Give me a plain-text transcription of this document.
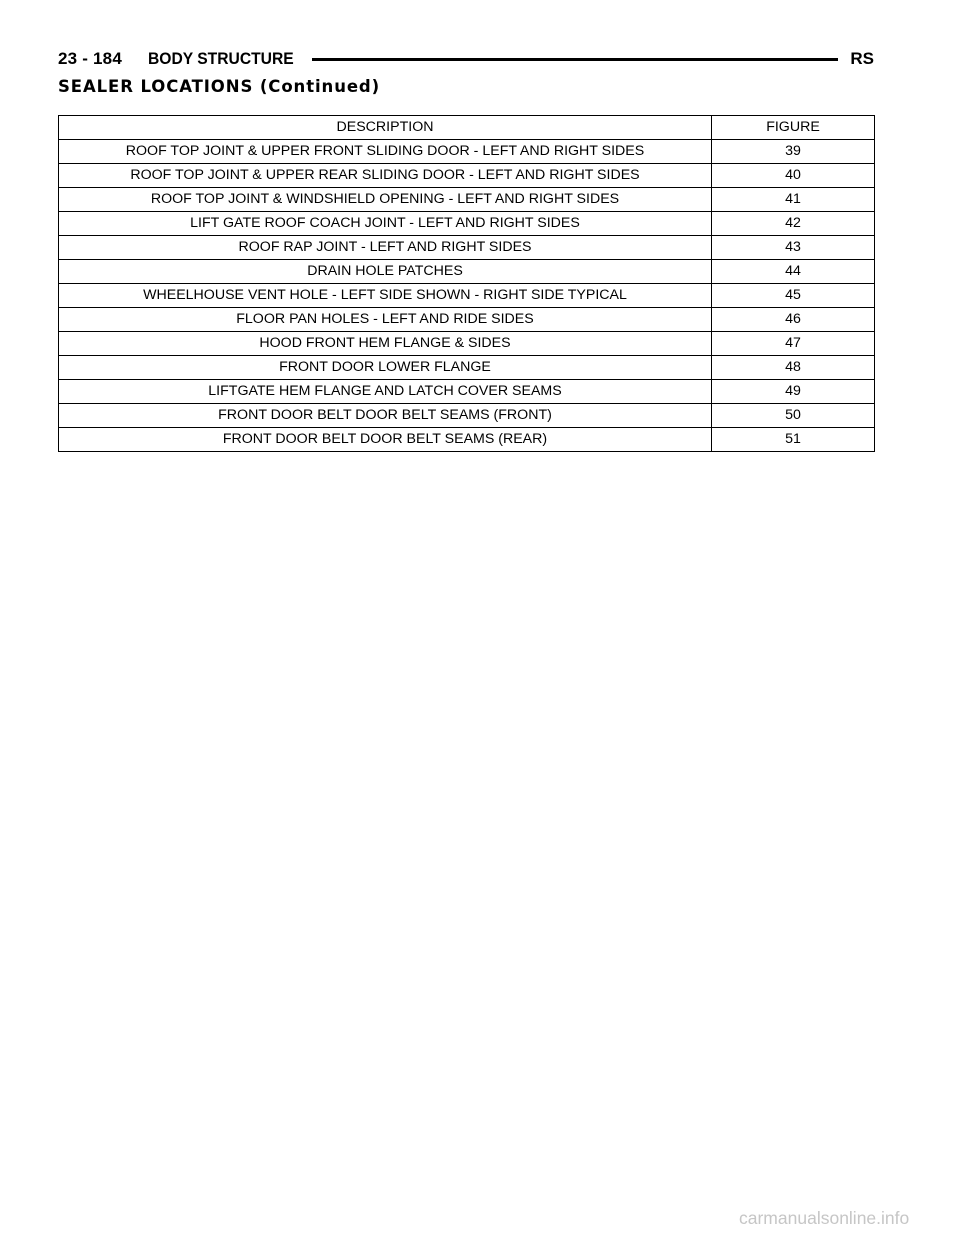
23 - 184 BODY STRUCTURE	RS
SEALER LOCATIONS (Continued)
DESCRIPTION	FIGURE
ROOF TOP JOINT & UPPER FRONT SLIDING DOOR - LEFT AND RIGHT SIDES	39
ROOF TOP JOINT & UPPER REAR SLIDING DOOR - LEFT AND RIGHT SIDES	40
ROOF TOP JOINT & WINDSHIELD OPENING - LEFT AND RIGHT SIDES	41
LIFT GATE ROOF COACH JOINT - LEFT AND RIGHT SIDES	42
ROOF RAP JOINT - LEFT AND RIGHT SIDES	43
DRAIN HOLE PATCHES	44
WHEELHOUSE VENT HOLE - LEFT SIDE SHOWN - RIGHT SIDE TYPICAL	45
FLOOR PAN HOLES - LEFT AND RIDE SIDES	46
HOOD FRONT HEM FLANGE & SIDES	47
FRONT DOOR LOWER FLANGE	48
LIFTGATE HEM FLANGE AND LATCH COVER SEAMS	49
FRONT DOOR BELT DOOR BELT SEAMS (FRONT)	50
FRONT DOOR BELT DOOR BELT SEAMS (REAR)	51
carmanualsonline.info
